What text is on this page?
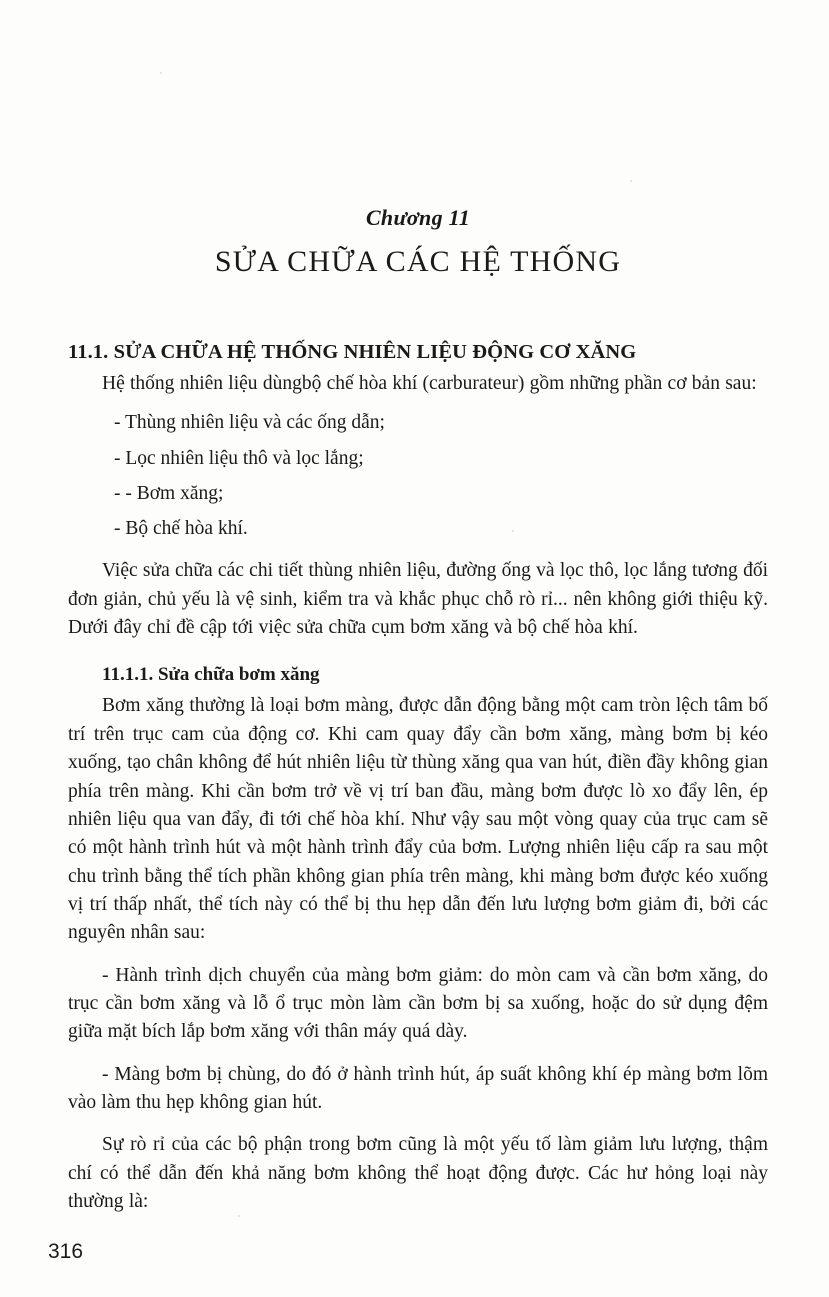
Chương 11
SỬA CHỮA CÁC HỆ THỐNG
11.1. SỬA CHỮA HỆ THỐNG NHIÊN LIỆU ĐỘNG CƠ XĂNG

Hệ thống nhiên liệu dùngbộ chế hòa khí (carburateur) gồm những phần cơ bản sau:

- Thùng nhiên liệu và các ống dẫn;
- Lọc nhiên liệu thô và lọc lắng;
- - Bơm xăng;
- Bộ chế hòa khí.

Việc sửa chữa các chi tiết thùng nhiên liệu, đường ống và lọc thô, lọc lắng tương đối đơn giản, chủ yếu là vệ sinh, kiểm tra và khắc phục chỗ rò rỉ... nên không giới thiệu kỹ. Dưới đây chỉ đề cập tới việc sửa chữa cụm bơm xăng và bộ chế hòa khí.

11.1.1. Sửa chữa bơm xăng

Bơm xăng thường là loại bơm màng, được dẫn động bằng một cam tròn lệch tâm bố trí trên trục cam của động cơ. Khi cam quay đẩy cần bơm xăng, màng bơm bị kéo xuống, tạo chân không để hút nhiên liệu từ thùng xăng qua van hút, điền đầy không gian phía trên màng. Khi cần bơm trở về vị trí ban đầu, màng bơm được lò xo đẩy lên, ép nhiên liệu qua van đẩy, đi tới chế hòa khí. Như vậy sau một vòng quay của trục cam sẽ có một hành trình hút và một hành trình đẩy của bơm. Lượng nhiên liệu cấp ra sau một chu trình bằng thể tích phần không gian phía trên màng, khi màng bơm được kéo xuống vị trí thấp nhất, thể tích này có thể bị thu hẹp dẫn đến lưu lượng bơm giảm đi, bởi các nguyên nhân sau:

- Hành trình dịch chuyển của màng bơm giảm: do mòn cam và cần bơm xăng, do trục cần bơm xăng và lỗ ổ trục mòn làm cần bơm bị sa xuống, hoặc do sử dụng đệm giữa mặt bích lắp bơm xăng với thân máy quá dày.

- Màng bơm bị chùng, do đó ở hành trình hút, áp suất không khí ép màng bơm lõm vào làm thu hẹp không gian hút.

Sự rò rỉ của các bộ phận trong bơm cũng là một yếu tố làm giảm lưu lượng, thậm chí có thể dẫn đến khả năng bơm không thể hoạt động được. Các hư hỏng loại này thường là:

316
